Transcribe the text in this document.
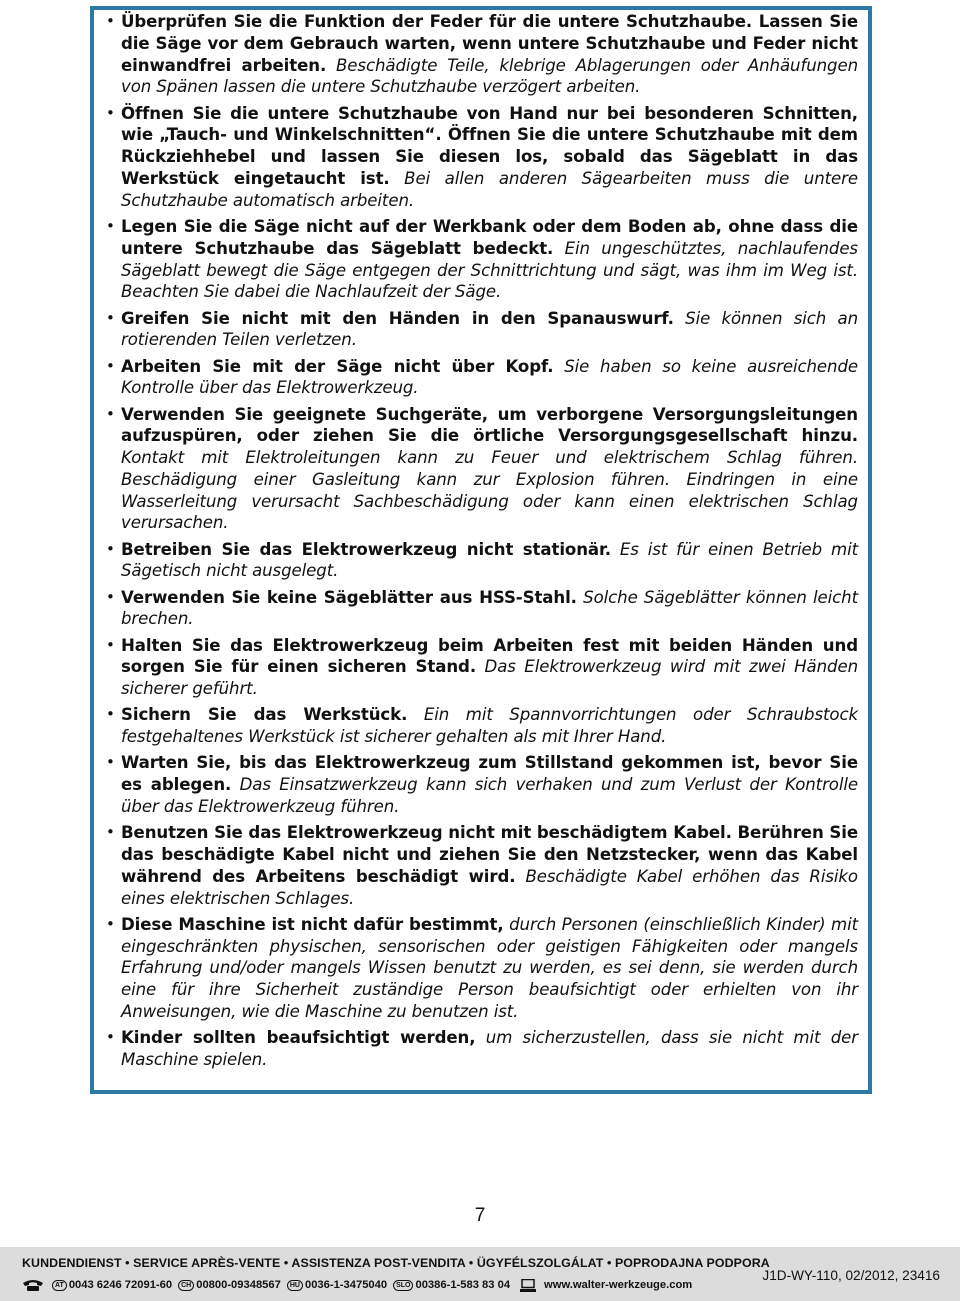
• Überprüfen Sie die Funktion der Feder für die untere Schutzhaube. Lassen Sie die Säge vor dem Gebrauch warten, wenn untere Schutzhaube und Feder nicht einwandfrei arbeiten. Beschädigte Teile, klebrige Ablagerungen oder Anhäufungen von Spänen lassen die untere Schutzhaube verzögert arbeiten.
• Öffnen Sie die untere Schutzhaube von Hand nur bei besonderen Schnitten, wie „Tauch- und Winkelschnitten“. Öffnen Sie die untere Schutzhaube mit dem Rückziehhebel und lassen Sie diesen los, sobald das Sägeblatt in das Werkstück eingetaucht ist. Bei allen anderen Sägearbeiten muss die untere Schutzhaube automatisch arbeiten.
• Legen Sie die Säge nicht auf der Werkbank oder dem Boden ab, ohne dass die untere Schutzhaube das Sägeblatt bedeckt. Ein ungeschütztes, nachlaufendes Sägeblatt bewegt die Säge entgegen der Schnittrichtung und sägt, was ihm im Weg ist. Beachten Sie dabei die Nachlaufzeit der Säge.
• Greifen Sie nicht mit den Händen in den Spanauswurf. Sie können sich an rotierenden Teilen verletzen.
• Arbeiten Sie mit der Säge nicht über Kopf. Sie haben so keine ausreichende Kontrolle über das Elektrowerkzeug.
• Verwenden Sie geeignete Suchgeräte, um verborgene Versorgungsleitungen aufzuspüren, oder ziehen Sie die örtliche Versorgungsgesellschaft hinzu. Kontakt mit Elektroleitungen kann zu Feuer und elektrischem Schlag führen. Beschädigung einer Gasleitung kann zur Explosion führen. Eindringen in eine Wasserleitung verursacht Sachbeschädigung oder kann einen elektrischen Schlag verursachen.
• Betreiben Sie das Elektrowerkzeug nicht stationär. Es ist für einen Betrieb mit Sägetisch nicht ausgelegt.
• Verwenden Sie keine Sägeblätter aus HSS-Stahl. Solche Sägeblätter können leicht brechen.
• Halten Sie das Elektrowerkzeug beim Arbeiten fest mit beiden Händen und sorgen Sie für einen sicheren Stand. Das Elektrowerkzeug wird mit zwei Händen sicherer geführt.
• Sichern Sie das Werkstück. Ein mit Spannvorrichtungen oder Schraubstock festgehaltenes Werkstück ist sicherer gehalten als mit Ihrer Hand.
• Warten Sie, bis das Elektrowerkzeug zum Stillstand gekommen ist, bevor Sie es ablegen. Das Einsatzwerkzeug kann sich verhaken und zum Verlust der Kontrolle über das Elektrowerkzeug führen.
• Benutzen Sie das Elektrowerkzeug nicht mit beschädigtem Kabel. Berühren Sie das beschädigte Kabel nicht und ziehen Sie den Netzstecker, wenn das Kabel während des Arbeitens beschädigt wird. Beschädigte Kabel erhöhen das Risiko eines elektrischen Schlages.
• Diese Maschine ist nicht dafür bestimmt, durch Personen (einschließlich Kinder) mit eingeschränkten physischen, sensorischen oder geistigen Fähigkeiten oder mangels Erfahrung und/oder mangels Wissen benutzt zu werden, es sei denn, sie werden durch eine für ihre Sicherheit zuständige Person beaufsichtigt oder erhielten von ihr Anweisungen, wie die Maschine zu benutzen ist.
• Kinder sollten beaufsichtigt werden, um sicherzustellen, dass sie nicht mit der Maschine spielen.
7
KUNDENDIENST • SERVICE APRÈS-VENTE • ASSISTENZA POST-VENDITA • ÜGYFÉLSZOLGÁLAT • POPRODAJNA PODPORA
AT 0043 6246 72091-60	CH 00800-09348567	HU 0036-1-3475040	SLO 00386-1-583 83 04	www.walter-werkzeuge.com
J1D-WY-110, 02/2012, 23416
